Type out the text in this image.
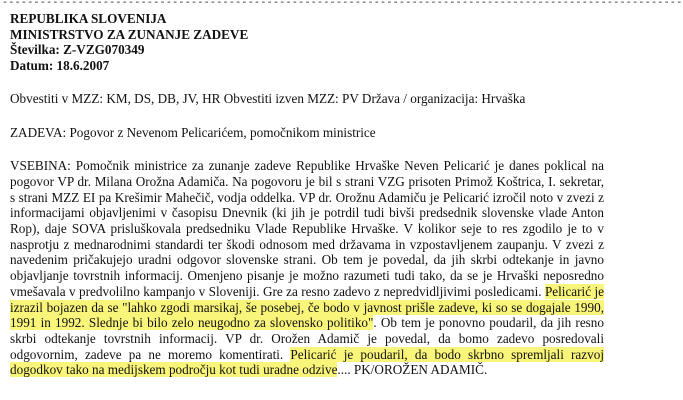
------------------------------------------------------------------------------------------------------------

REPUBLIKA SLOVENIJA

MINISTRSTVO ZA ZUNANJE ZADEVE

Številka: Z-VZG070349

Datum: 18.6.2007

Obvestiti v MZZ: KM, DS, DB, JV, HR Obvestiti izven MZZ: PV Država / organizacija: Hrvaška

ZADEVA: Pogovor z Nevenom Pelicarićem, pomočnikom ministrice

VSEBINA: Pomočnik ministrice za zunanje zadeve Republike Hrvaške Neven Pelicarić je danes poklical na pogovor VP dr. Milana Orožna Adamiča. Na pogovoru je bil s strani VZG prisoten Primož Koštrica, I. sekretar, s strani MZZ EI pa Krešimir Mahečič, vodja oddelka. VP dr. Orožnu Adamiču je Pelicarić izročil noto v zvezi z informacijami objavljenimi v časopisu Dnevnik (ki jih je potrdil tudi bivši predsednik slovenske vlade Anton Rop), daje SOVA prisluškovala predsedniku Vlade Republike Hrvaške. V kolikor seje to res zgodilo je to v nasprotju z mednarodnimi standardi ter škodi odnosom med državama in vzpostavljenem zaupanju. V zvezi z navedenim pričakujejo uradni odgovor slovenske strani. Ob tem je povedal, da jih skrbi odtekanje in javno objavljanje tovrstnih informacij. Omenjeno pisanje je možno razumeti tudi tako, da se je Hrvaški neposredno vmešavala v predvolilno kampanjo v Sloveniji. Gre za resno zadevo z nepredvidljivimi posledicami. Pelicarić je izrazil bojazen da se "lahko zgodi marsikaj, še posebej, če bodo v javnost prišle zadeve, ki so se dogajale 1990, 1991 in 1992. Slednje bi bilo zelo neugodno za slovensko politiko". Ob tem je ponovno poudaril, da jih resno skrbi odtekanje tovrstnih informacij. VP dr. Orožen Adamič je povedal, da bomo zadevo posredovali odgovornim, zadeve pa ne moremo komentirati. Pelicarić je poudaril, da bodo skrbno spremljali razvoj dogodkov tako na medijskem področju kot tudi uradne odzive.... PK/OROŽEN ADAMIČ.
